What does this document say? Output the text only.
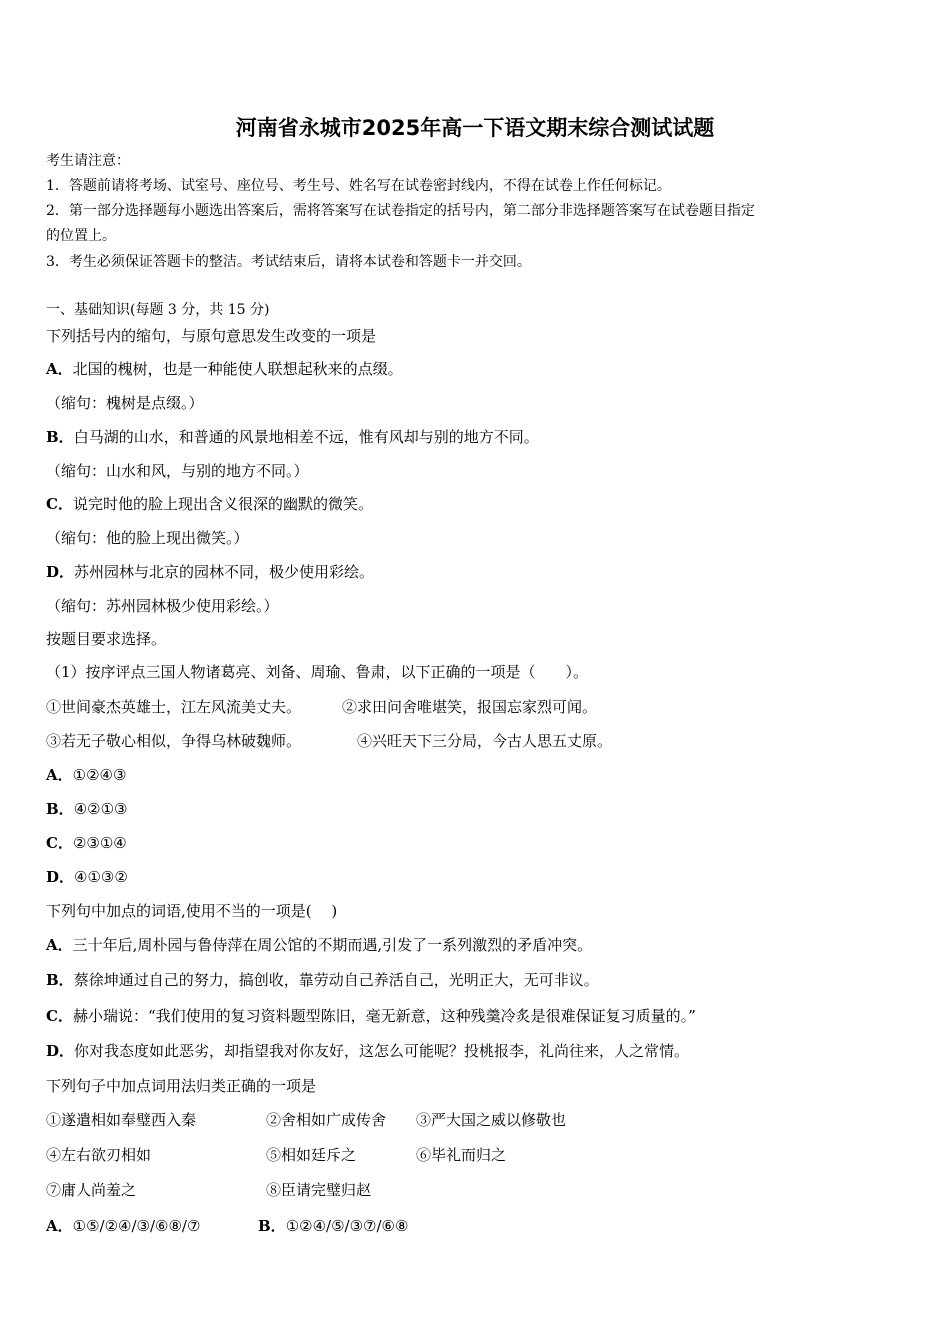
河南省永城市2025年高一下语文期末综合测试试题
考生请注意：
1．答题前请将考场、试室号、座位号、考生号、姓名写在试卷密封线内，不得在试卷上作任何标记。
2．第一部分选择题每小题选出答案后，需将答案写在试卷指定的括号内，第二部分非选择题答案写在试卷题目指定
的位置上。
3．考生必须保证答题卡的整洁。考试结束后，请将本试卷和答题卡一并交回。
一、基础知识(每题 3 分，共 15 分)
下列括号内的缩句，与原句意思发生改变的一项是
A．北国的槐树，也是一种能使人联想起秋来的点缀。
（缩句：槐树是点缀。）
B．白马湖的山水，和普通的风景地相差不远，惟有风却与别的地方不同。
（缩句：山水和风，与别的地方不同。）
C．说完时他的脸上现出含义很深的幽默的微笑。
（缩句：他的脸上现出微笑。）
D．苏州园林与北京的园林不同，极少使用彩绘。
（缩句：苏州园林极少使用彩绘。）
按题目要求选择。
（1）按序评点三国人物诸葛亮、刘备、周瑜、鲁肃，以下正确的一项是（　　）。
①世间豪杰英雄士，江左风流美丈夫。	②求田问舍唯堪笑，报国忘家烈可闻。
③若无子敬心相似，争得乌林破魏师。	④兴旺天下三分局，今古人思五丈原。
A．①②④③
B．④②①③
C．②③①④
D．④①③②
下列句中加点的词语,使用不当的一项是(　 )
A．三十年后,周朴园与鲁侍萍在周公馆的不期而遇,引发了一系列激烈的矛盾冲突。
B．蔡徐坤通过自己的努力，搞创收，靠劳动自己养活自己，光明正大，无可非议。
C．赫小瑞说：“我们使用的复习资料题型陈旧，毫无新意，这种残羹冷炙是很难保证复习质量的。”
D．你对我态度如此恶劣，却指望我对你友好，这怎么可能呢？投桃报李，礼尚往来，人之常情。
下列句子中加点词用法归类正确的一项是
①遂遣相如奉璧西入秦	②舍相如广成传舍 ③严大国之威以修敬也
④左右欲刃相如	⑤相如廷斥之	⑥毕礼而归之
⑦庸人尚羞之	⑧臣请完璧归赵
A．①⑤/②④/③/⑥⑧/⑦	B．①②④/⑤/③⑦/⑥⑧
